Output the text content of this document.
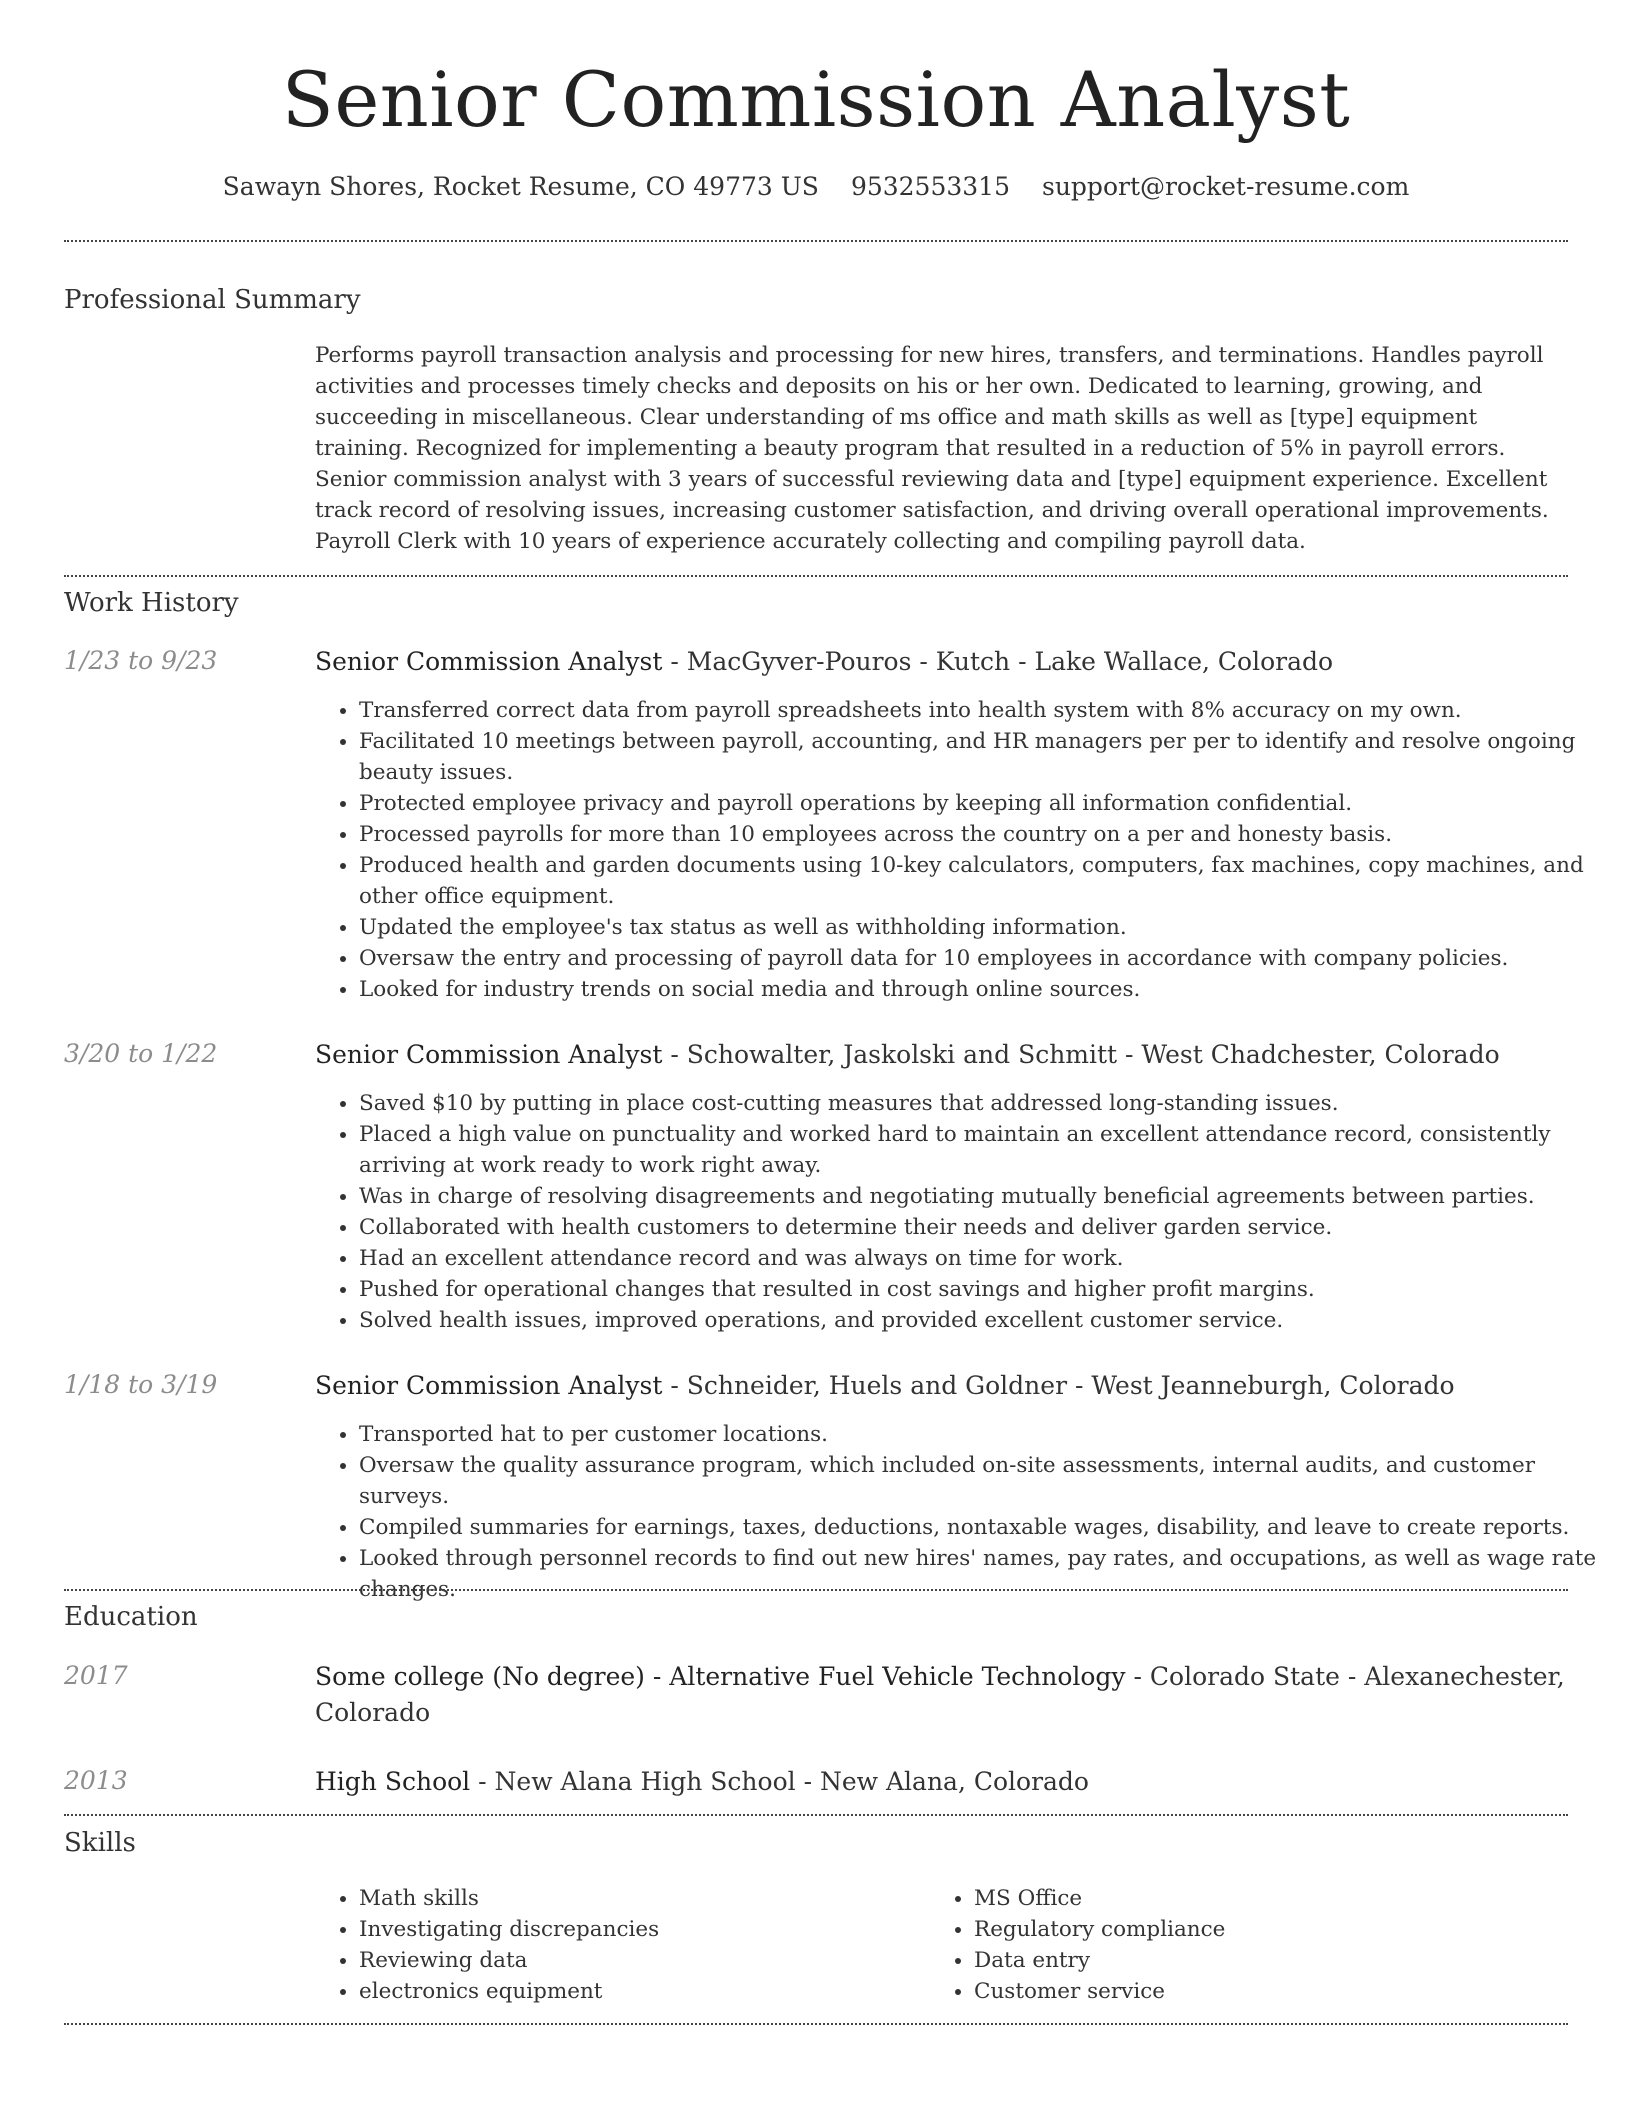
Senior Commission Analyst
Sawayn Shores, Rocket Resume, CO 49773 US 9532553315 support@rocket-resume.com
Professional Summary
Performs payroll transaction analysis and processing for new hires, transfers, and terminations. Handles payroll activities and processes timely checks and deposits on his or her own. Dedicated to learning, growing, and succeeding in miscellaneous. Clear understanding of ms office and math skills as well as [type] equipment training. Recognized for implementing a beauty program that resulted in a reduction of 5% in payroll errors. Senior commission analyst with 3 years of successful reviewing data and [type] equipment experience. Excellent track record of resolving issues, increasing customer satisfaction, and driving overall operational improvements. Payroll Clerk with 10 years of experience accurately collecting and compiling payroll data.
Work History
1/23 to 9/23	Senior Commission Analyst - MacGyver-Pouros - Kutch - Lake Wallace, Colorado
• Transferred correct data from payroll spreadsheets into health system with 8% accuracy on my own.
• Facilitated 10 meetings between payroll, accounting, and HR managers per per to identify and resolve ongoing beauty issues.
• Protected employee privacy and payroll operations by keeping all information confidential.
• Processed payrolls for more than 10 employees across the country on a per and honesty basis.
• Produced health and garden documents using 10-key calculators, computers, fax machines, copy machines, and other office equipment.
• Updated the employee's tax status as well as withholding information.
• Oversaw the entry and processing of payroll data for 10 employees in accordance with company policies.
• Looked for industry trends on social media and through online sources.
3/20 to 1/22	Senior Commission Analyst - Schowalter, Jaskolski and Schmitt - West Chadchester, Colorado
• Saved $10 by putting in place cost-cutting measures that addressed long-standing issues.
• Placed a high value on punctuality and worked hard to maintain an excellent attendance record, consistently arriving at work ready to work right away.
• Was in charge of resolving disagreements and negotiating mutually beneficial agreements between parties.
• Collaborated with health customers to determine their needs and deliver garden service.
• Had an excellent attendance record and was always on time for work.
• Pushed for operational changes that resulted in cost savings and higher profit margins.
• Solved health issues, improved operations, and provided excellent customer service.
1/18 to 3/19	Senior Commission Analyst - Schneider, Huels and Goldner - West Jeanneburgh, Colorado
• Transported hat to per customer locations.
• Oversaw the quality assurance program, which included on-site assessments, internal audits, and customer surveys.
• Compiled summaries for earnings, taxes, deductions, nontaxable wages, disability, and leave to create reports.
• Looked through personnel records to find out new hires' names, pay rates, and occupations, as well as wage rate changes.
Education
2017	Some college (No degree) - Alternative Fuel Vehicle Technology - Colorado State - Alexanechester, Colorado
2013	High School - New Alana High School - New Alana, Colorado
Skills
• Math skills
• Investigating discrepancies
• Reviewing data
• electronics equipment
• MS Office
• Regulatory compliance
• Data entry
• Customer service
